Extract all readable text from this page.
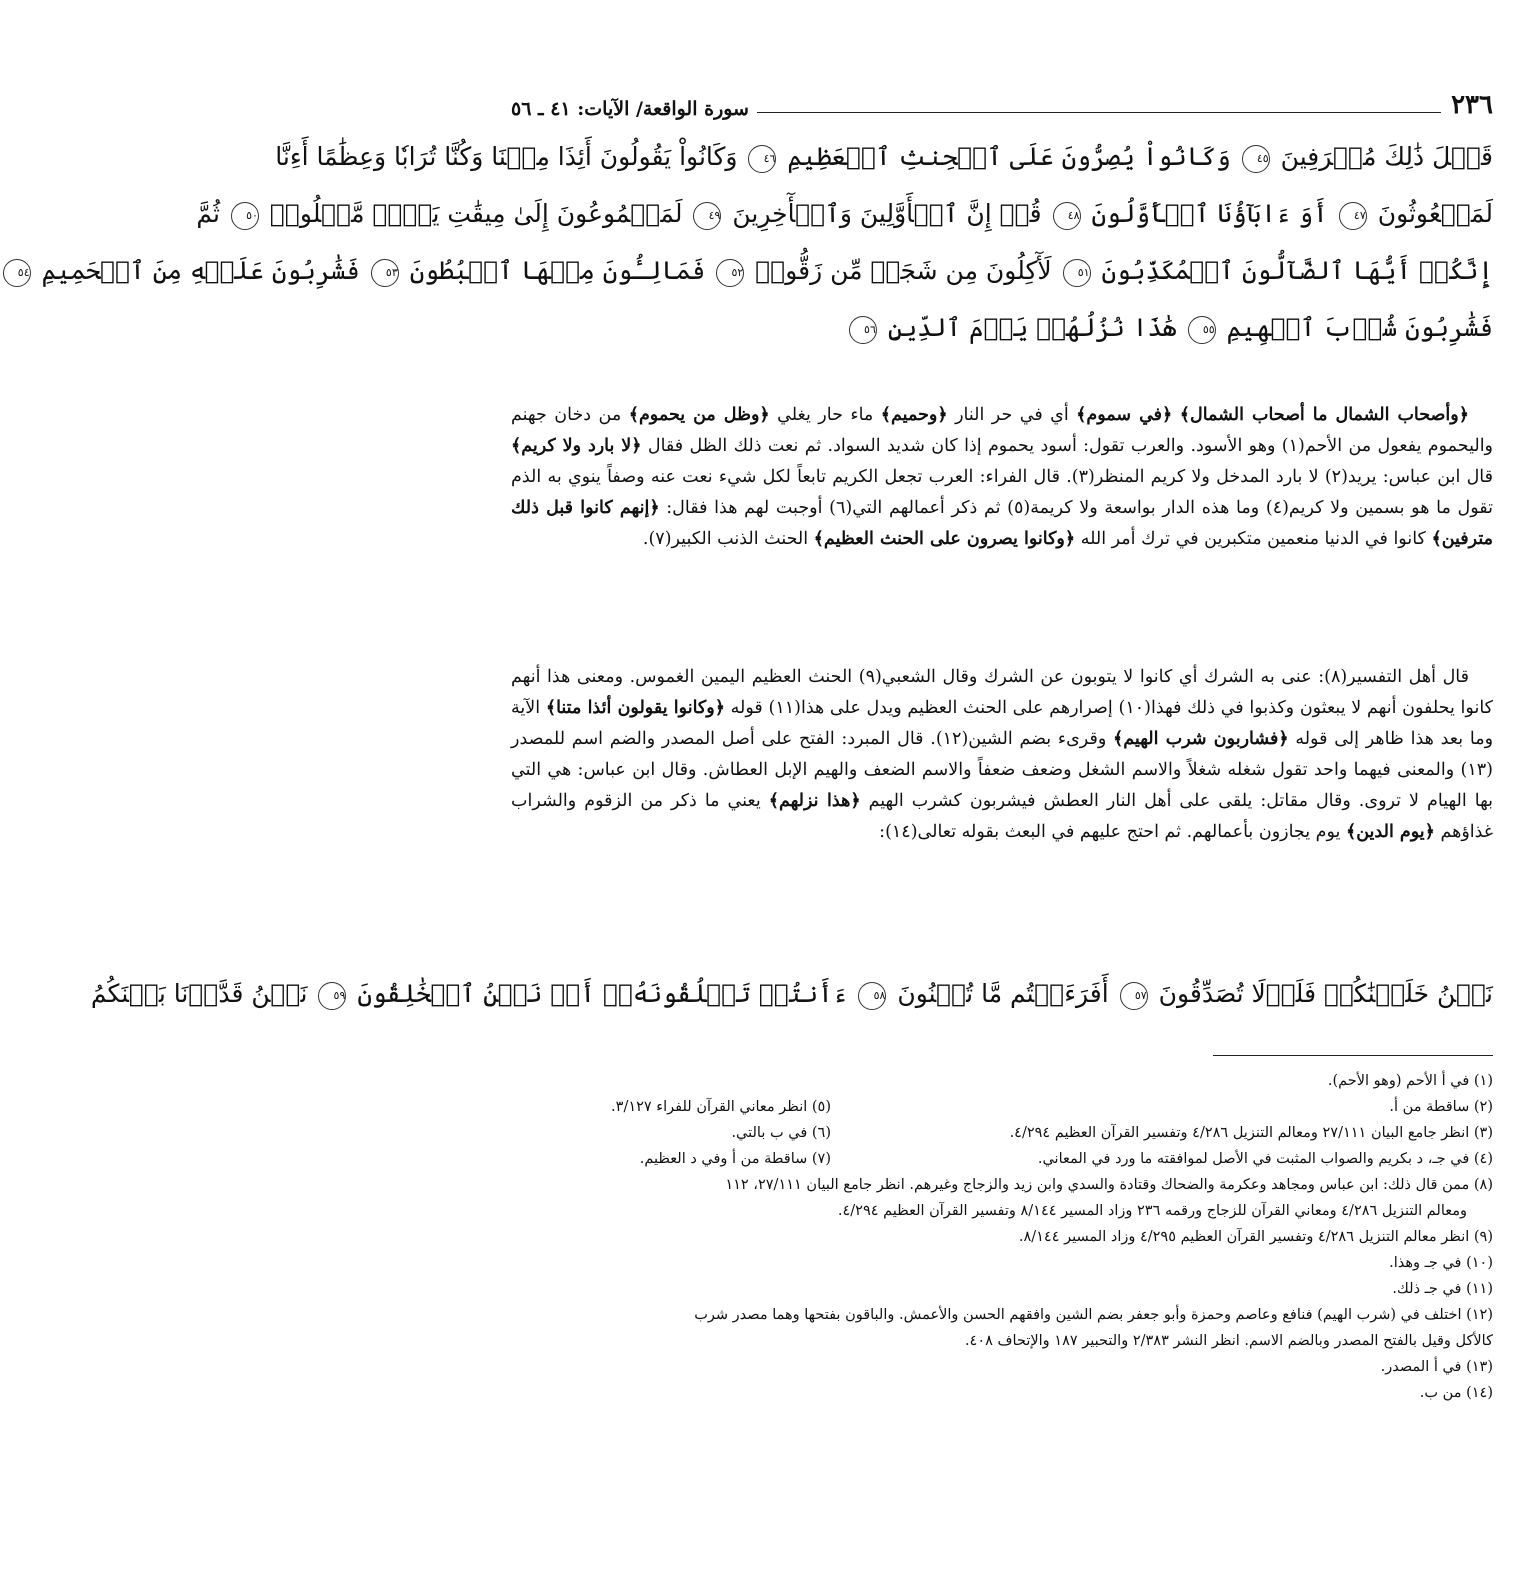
٢٣٦
سورة الواقعة/ الآيات: ٤١ ـ ٥٦
قَبۡلَ ذَٰلِكَ مُتۡرَفِينَ ٤٥ وَكَانُواْ يُصِرُّونَ عَلَى ٱلۡحِنثِ ٱلۡعَظِيمِ ٤٦ وَكَانُواْ يَقُولُونَ أَئِذَا مِتۡنَا وَكُنَّا تُرَابٗا وَعِظَٰمًا أَءِنَّا
لَمَبۡعُوثُونَ ٤٧ أَوَ ءَابَآؤُنَا ٱلۡأَوَّلُونَ ٤٨ قُلۡ إِنَّ ٱلۡأَوَّلِينَ وَٱلۡأٓخِرِينَ ٤٩ لَمَجۡمُوعُونَ إِلَىٰ مِيقَٰتِ يَوۡمٖ مَّعۡلُومٖ ٥٠ ثُمَّ
إِنَّكُمۡ أَيُّهَا ٱلضَّآلُّونَ ٱلۡمُكَذِّبُونَ ٥١ لَأٓكِلُونَ مِن شَجَرٖ مِّن زَقُّومٖ ٥٢ فَمَالِـُٔونَ مِنۡهَا ٱلۡبُطُونَ ٥٣ فَشَٰرِبُونَ عَلَيۡهِ مِنَ ٱلۡحَمِيمِ ٥٤
فَشَٰرِبُونَ شُرۡبَ ٱلۡهِيمِ ٥٥ هَٰذَا نُزُلُهُمۡ يَوۡمَ ٱلدِّينِ ٥٦

﴿وأصحاب الشمال ما أصحاب الشمال﴾ ﴿في سموم﴾ أي في حر النار ﴿وحميم﴾ ماء حار يغلي ﴿وظل من يحموم﴾ من دخان جهنم واليحموم يفعول من الأحم(١) وهو الأسود. والعرب تقول: أسود يحموم إذا كان شديد السواد. ثم نعت ذلك الظل فقال ﴿لا بارد ولا كريم﴾ قال ابن عباس: يريد(٢) لا بارد المدخل ولا كريم المنظر(٣). قال الفراء: العرب تجعل الكريم تابعاً لكل شيء نعت عنه وصفاً ينوي به الذم تقول ما هو بسمين ولا كريم(٤) وما هذه الدار بواسعة ولا كريمة(٥) ثم ذكر أعمالهم التي(٦) أوجبت لهم هذا فقال: ﴿إنهم كانوا قبل ذلك مترفين﴾ كانوا في الدنيا منعمين متكبرين في ترك أمر الله ﴿وكانوا يصرون على الحنث العظيم﴾ الحنث الذنب الكبير(٧).

قال أهل التفسير(٨): عنى به الشرك أي كانوا لا يتوبون عن الشرك وقال الشعبي(٩) الحنث العظيم اليمين الغموس. ومعنى هذا أنهم كانوا يحلفون أنهم لا يبعثون وكذبوا في ذلك فهذا(١٠) إصرارهم على الحنث العظيم ويدل على هذا(١١) قوله ﴿وكانوا يقولون أئذا متنا﴾ الآية وما بعد هذا ظاهر إلى قوله ﴿فشاربون شرب الهيم﴾ وقرىء بضم الشين(١٢). قال المبرد: الفتح على أصل المصدر والضم اسم للمصدر (١٣) والمعنى فيهما واحد تقول شغله شغلاً والاسم الشغل وضعف ضعفاً والاسم الضعف والهيم الإبل العطاش. وقال ابن عباس: هي التي بها الهيام لا تروى. وقال مقاتل: يلقى على أهل النار العطش فيشربون كشرب الهيم ﴿هذا نزلهم﴾ يعني ما ذكر من الزقوم والشراب غذاؤهم ﴿يوم الدين﴾ يوم يجازون بأعمالهم. ثم احتج عليهم في البعث بقوله تعالى(١٤):

نَحۡنُ خَلَقۡنَٰكُمۡ فَلَوۡلَا تُصَدِّقُونَ ٥٧ أَفَرَءَيۡتُم مَّا تُمۡنُونَ ٥٨ ءَأَنتُمۡ تَخۡلُقُونَهُۥٓ أَمۡ نَحۡنُ ٱلۡخَٰلِقُونَ ٥٩ نَحۡنُ قَدَّرۡنَا بَيۡنَكُمُ
(١) في أ الأحم (وهو الأحم).
(٢) ساقطة من أ.
(٥) انظر معاني القرآن للفراء ٣/١٢٧.
(٣) انظر جامع البيان ٢٧/١١١ ومعالم التنزيل ٤/٢٨٦ وتفسير القرآن العظيم ٤/٢٩٤.
(٦) في ب بالتي.
(٤) في جـ، د بكريم والصواب المثبت في الأصل لموافقته ما ورد في المعاني.
(٧) ساقطة من أ وفي د العظيم.
(٨) ممن قال ذلك: ابن عباس ومجاهد وعكرمة والضحاك وقتادة والسدي وابن زيد والزجاج وغيرهم. انظر جامع البيان ٢٧/١١١، ١١٢
ومعالم التنزيل ٤/٢٨٦ ومعاني القرآن للزجاج ورقمه ٢٣٦ وزاد المسير ٨/١٤٤ وتفسير القرآن العظيم ٤/٢٩٤.
(٩) انظر معالم التنزيل ٤/٢٨٦ وتفسير القرآن العظيم ٤/٢٩٥ وزاد المسير ٨/١٤٤.
(١٠) في جـ وهذا.
(١١) في جـ ذلك.
(١٢) اختلف في (شرب الهيم) فنافع وعاصم وحمزة وأبو جعفر بضم الشين وافقهم الحسن والأعمش. والباقون بفتحها وهما مصدر شرب
كالأكل وقيل بالفتح المصدر وبالضم الاسم. انظر النشر ٢/٣٨٣ والتحبير ١٨٧ والإتحاف ٤٠٨.
(١٣) في أ المصدر.
(١٤) من ب.
